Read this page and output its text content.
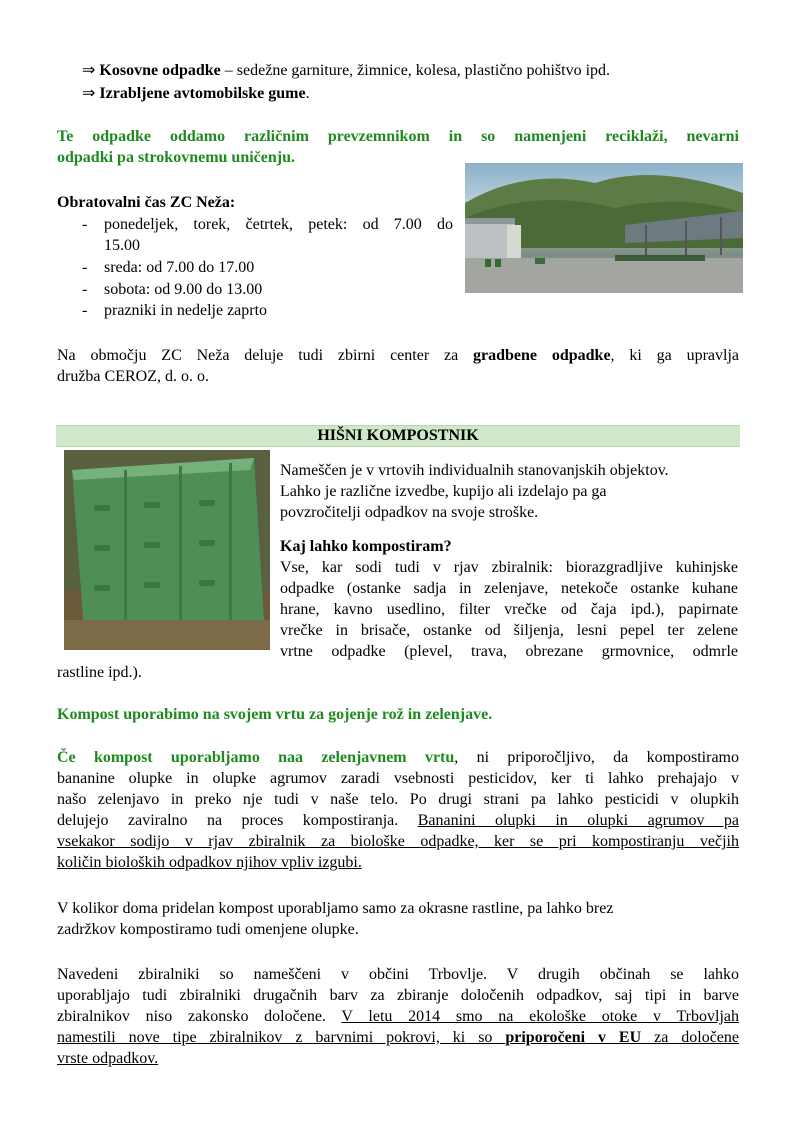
⇒ Kosovne odpadke – sedežne garniture, žimnice, kolesa, plastično pohištvo ipd.
⇒ Izrabljene avtomobilske gume.
Te odpadke oddamo različnim prevzemnikom in so namenjeni reciklaži, nevarni
odpadki pa strokovnemu uničenju.
Obratovalni čas ZC Neža:
- ponedeljek, torek, četrtek, petek: od 7.00 do
15.00
- sreda: od 7.00 do 17.00
- sobota: od 9.00 do 13.00
- prazniki in nedelje zaprto
Na območju ZC Neža deluje tudi zbirni center za gradbene odpadke, ki ga upravlja
družba CEROZ, d. o. o.
HIŠNI KOMPOSTNIK
Nameščen je v vrtovih individualnih stanovanjskih objektov.
Lahko je različne izvedbe, kupijo ali izdelajo pa ga
povzročitelji odpadkov na svoje stroške.
Kaj lahko kompostiram?
Vse, kar sodi tudi v rjav zbiralnik: biorazgradljive kuhinjske
odpadke (ostanke sadja in zelenjave, netekoče ostanke kuhane
hrane, kavno usedlino, filter vrečke od čaja ipd.), papirnate
vrečke in brisače, ostanke od šiljenja, lesni pepel ter zelene
vrtne odpadke (plevel, trava, obrezane grmovnice, odmrle
rastline ipd.).
Kompost uporabimo na svojem vrtu za gojenje rož in zelenjave.
Če kompost uporabljamo naa zelenjavnem vrtu, ni priporočljivo, da kompostiramo
bananine olupke in olupke agrumov zaradi vsebnosti pesticidov, ker ti lahko prehajajo v
našo zelenjavo in preko nje tudi v naše telo. Po drugi strani pa lahko pesticidi v olupkih
delujejo zaviralno na proces kompostiranja. Bananini olupki in olupki agrumov pa
vsekakor sodijo v rjav zbiralnik za biološke odpadke, ker se pri kompostiranju večjih
količin bioloških odpadkov njihov vpliv izgubi.
V kolikor doma pridelan kompost uporabljamo samo za okrasne rastline, pa lahko brez
zadržkov kompostiramo tudi omenjene olupke.
Navedeni zbiralniki so nameščeni v občini Trbovlje. V drugih občinah se lahko
uporabljajo tudi zbiralniki drugačnih barv za zbiranje določenih odpadkov, saj tipi in barve
zbiralnikov niso zakonsko določene. V letu 2014 smo na ekološke otoke v Trbovljah
namestili nove tipe zbiralnikov z barvnimi pokrovi, ki so priporočeni v EU za določene
vrste odpadkov.
